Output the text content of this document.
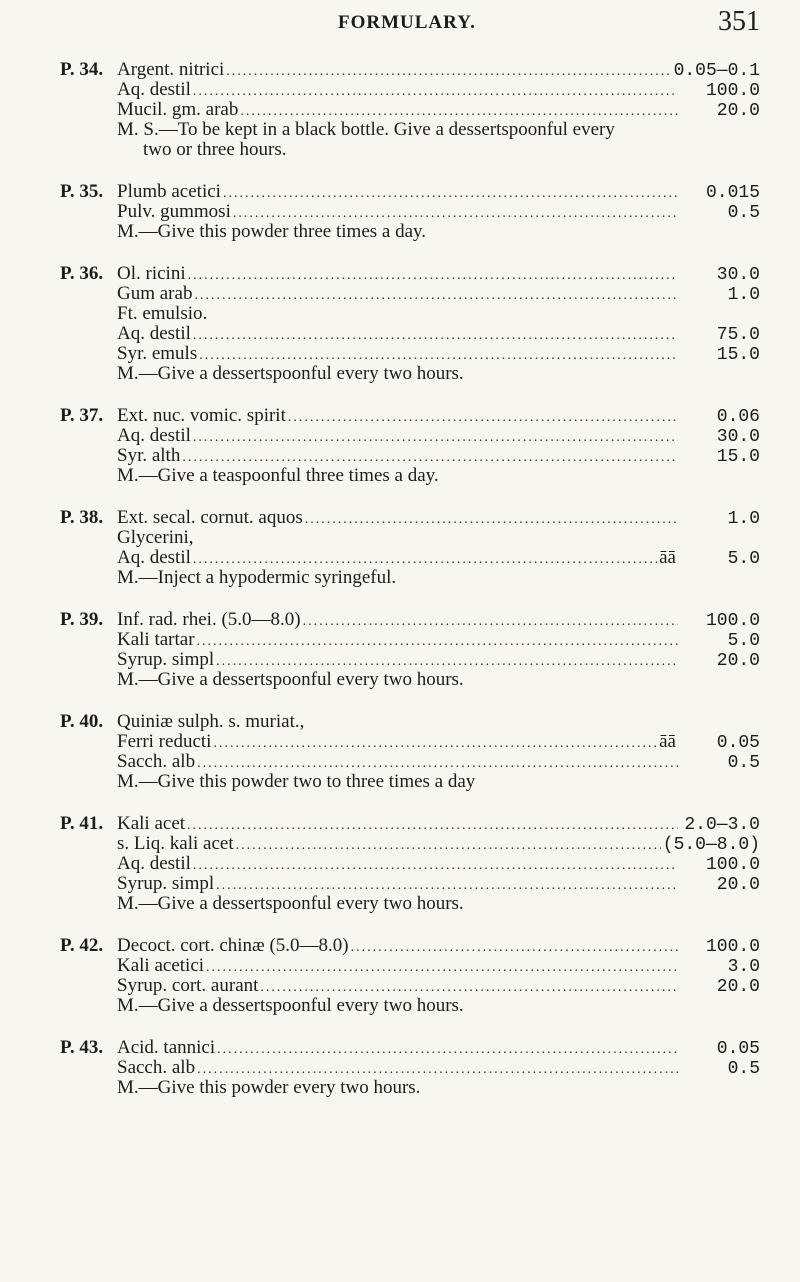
FORMULARY.	351
P. 34. Argent. nitrici .....	0.05—0.1
Aq. destil .....	100.0
Mucil. gm. arab .....	20.0
M. S.—To be kept in a black bottle. Give a dessertspoonful every
two or three hours.
P. 35. Plumb acetici .....	0.015
Pulv. gummosi .....	0.5
M.—Give this powder three times a day.
P. 36. Ol. ricini .....	30.0
Gum arab .....	1.0
Ft. emulsio.
Aq. destil .....	75.0
Syr. emuls .....	15.0
M.—Give a dessertspoonful every two hours.
P. 37. Ext. nuc. vomic. spirit .....	0.06
Aq. destil .....	30.0
Syr. alth .....	15.0
M.—Give a teaspoonful three times a day.
P. 38. Ext. secal. cornut. aquos .....	1.0
Glycerini,
Aq. destil .....	āā	5.0
M.—Inject a hypodermic syringeful.
P. 39. Inf. rad. rhei. (5.0—8.0) .....	100.0
Kali tartar .....	5.0
Syrup. simpl .....	20.0
M.—Give a dessertspoonful every two hours.
P. 40. Quiniæ sulph. s. muriat.,
Ferri reducti .....	āā	0.05
Sacch. alb .....	0.5
M.—Give this powder two to three times a day
P. 41. Kali acet .....	2.0—3.0
s. Liq. kali acet .....	(5.0—8.0)
Aq. destil .....	100.0
Syrup. simpl .....	20.0
M.—Give a dessertspoonful every two hours.
P. 42. Decoct. cort. chinæ (5.0—8.0) .....	100.0
Kali acetici .....	3.0
Syrup. cort. aurant .....	20.0
M.—Give a dessertspoonful every two hours.
P. 43. Acid. tannici .....	0.05
Sacch. alb .....	0.5
M.—Give this powder every two hours.
